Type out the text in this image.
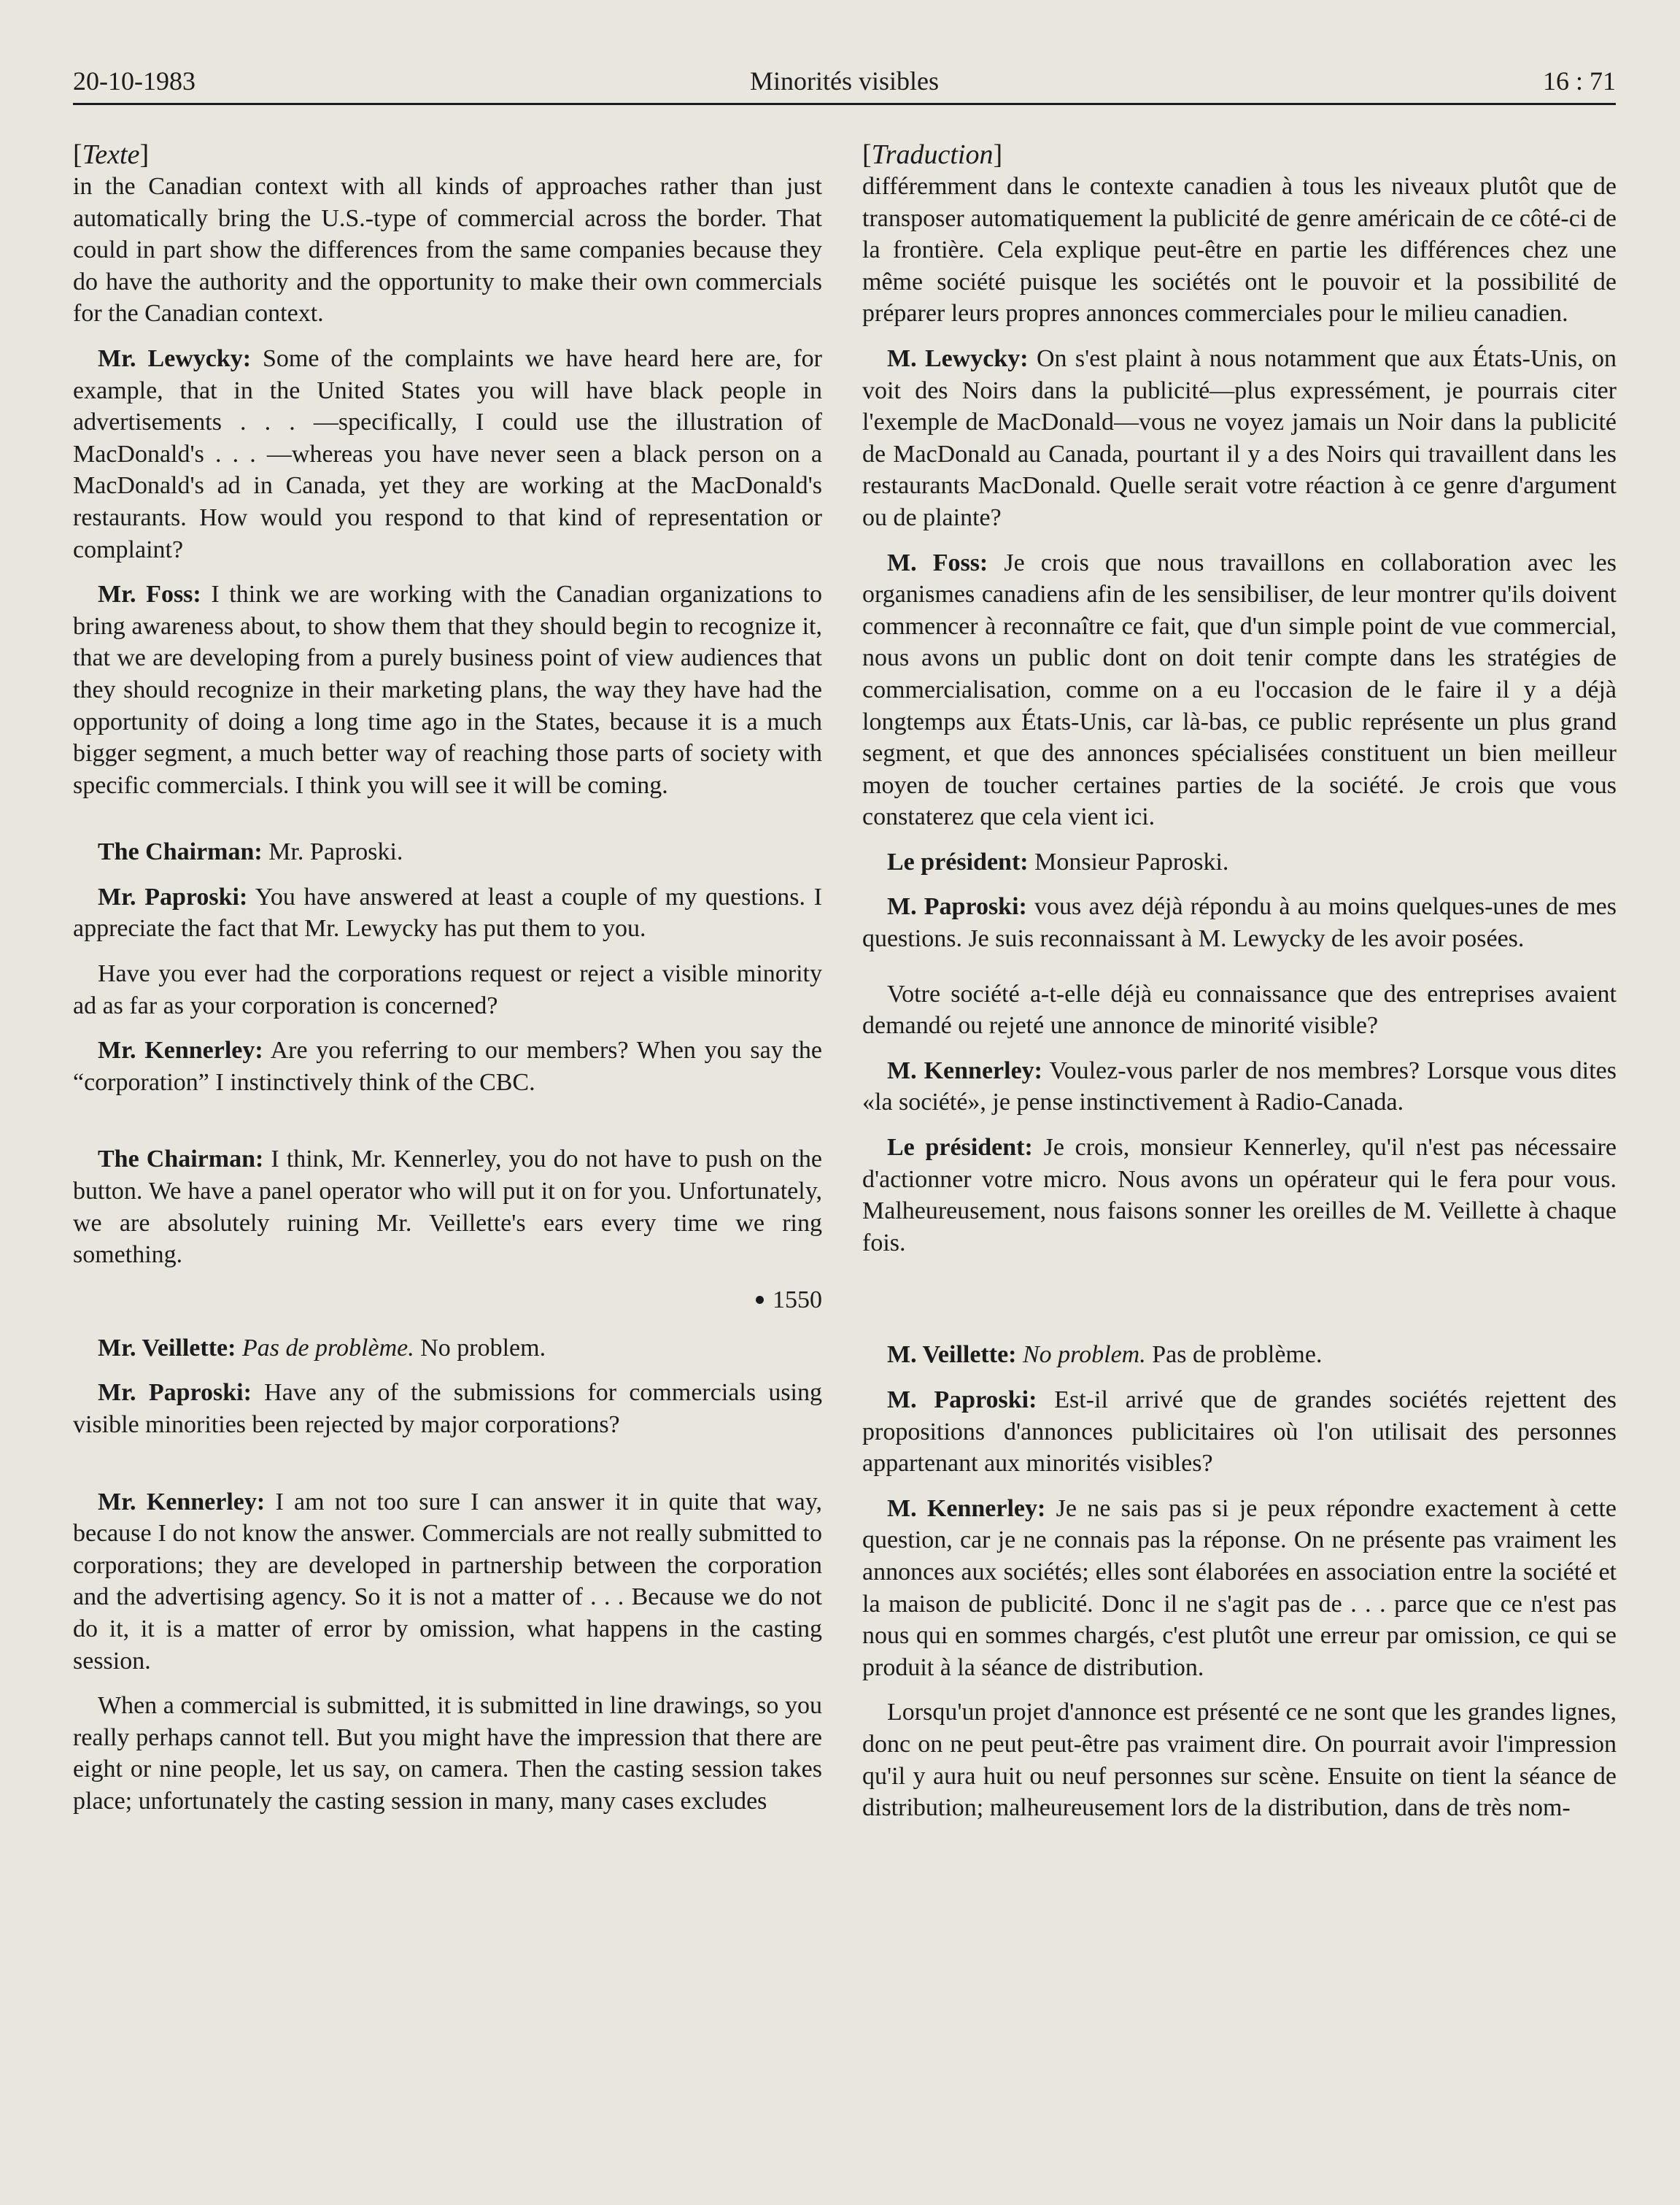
20-10-1983	Minorités visibles	16 : 71

[Texte]

in the Canadian context with all kinds of approaches rather than just automatically bring the U.S.-type of commercial across the border. That could in part show the differences from the same companies because they do have the authority and the opportunity to make their own commercials for the Canadian context.

Mr. Lewycky: Some of the complaints we have heard here are, for example, that in the United States you will have black people in advertisements . . . —specifically, I could use the illustration of MacDonald's . . . —whereas you have never seen a black person on a MacDonald's ad in Canada, yet they are working at the MacDonald's restaurants. How would you respond to that kind of representation or complaint?

Mr. Foss: I think we are working with the Canadian organizations to bring awareness about, to show them that they should begin to recognize it, that we are developing from a purely business point of view audiences that they should recognize in their marketing plans, the way they have had the opportunity of doing a long time ago in the States, because it is a much bigger segment, a much better way of reaching those parts of society with specific commercials. I think you will see it will be coming.

The Chairman: Mr. Paproski.

Mr. Paproski: You have answered at least a couple of my questions. I appreciate the fact that Mr. Lewycky has put them to you.

Have you ever had the corporations request or reject a visible minority ad as far as your corporation is concerned?

Mr. Kennerley: Are you referring to our members? When you say the “corporation” I instinctively think of the CBC.

The Chairman: I think, Mr. Kennerley, you do not have to push on the button. We have a panel operator who will put it on for you. Unfortunately, we are absolutely ruining Mr. Veillette's ears every time we ring something.

1550

Mr. Veillette: Pas de problème. No problem.

Mr. Paproski: Have any of the submissions for commercials using visible minorities been rejected by major corporations?

Mr. Kennerley: I am not too sure I can answer it in quite that way, because I do not know the answer. Commercials are not really submitted to corporations; they are developed in partnership between the corporation and the advertising agency. So it is not a matter of . . . Because we do not do it, it is a matter of error by omission, what happens in the casting session.

When a commercial is submitted, it is submitted in line drawings, so you really perhaps cannot tell. But you might have the impression that there are eight or nine people, let us say, on camera. Then the casting session takes place; unfortunately the casting session in many, many cases excludes

[Traduction]

différemment dans le contexte canadien à tous les niveaux plutôt que de transposer automatiquement la publicité de genre américain de ce côté-ci de la frontière. Cela explique peut-être en partie les différences chez une même société puisque les sociétés ont le pouvoir et la possibilité de préparer leurs propres annonces commerciales pour le milieu canadien.

M. Lewycky: On s'est plaint à nous notamment que aux États-Unis, on voit des Noirs dans la publicité—plus expressément, je pourrais citer l'exemple de MacDonald—vous ne voyez jamais un Noir dans la publicité de MacDonald au Canada, pourtant il y a des Noirs qui travaillent dans les restaurants MacDonald. Quelle serait votre réaction à ce genre d'argument ou de plainte?

M. Foss: Je crois que nous travaillons en collaboration avec les organismes canadiens afin de les sensibiliser, de leur montrer qu'ils doivent commencer à reconnaître ce fait, que d'un simple point de vue commercial, nous avons un public dont on doit tenir compte dans les stratégies de commercialisation, comme on a eu l'occasion de le faire il y a déjà longtemps aux États-Unis, car là-bas, ce public représente un plus grand segment, et que des annonces spécialisées constituent un bien meilleur moyen de toucher certaines parties de la société. Je crois que vous constaterez que cela vient ici.

Le président: Monsieur Paproski.

M. Paproski: vous avez déjà répondu à au moins quelques-unes de mes questions. Je suis reconnaissant à M. Lewycky de les avoir posées.

Votre société a-t-elle déjà eu connaissance que des entreprises avaient demandé ou rejeté une annonce de minorité visible?

M. Kennerley: Voulez-vous parler de nos membres? Lorsque vous dites «la société», je pense instinctivement à Radio-Canada.

Le président: Je crois, monsieur Kennerley, qu'il n'est pas nécessaire d'actionner votre micro. Nous avons un opérateur qui le fera pour vous. Malheureusement, nous faisons sonner les oreilles de M. Veillette à chaque fois.

M. Veillette: No problem. Pas de problème.

M. Paproski: Est-il arrivé que de grandes sociétés rejettent des propositions d'annonces publicitaires où l'on utilisait des personnes appartenant aux minorités visibles?

M. Kennerley: Je ne sais pas si je peux répondre exactement à cette question, car je ne connais pas la réponse. On ne présente pas vraiment les annonces aux sociétés; elles sont élaborées en association entre la société et la maison de publicité. Donc il ne s'agit pas de . . . parce que ce n'est pas nous qui en sommes chargés, c'est plutôt une erreur par omission, ce qui se produit à la séance de distribution.

Lorsqu'un projet d'annonce est présenté ce ne sont que les grandes lignes, donc on ne peut peut-être pas vraiment dire. On pourrait avoir l'impression qu'il y aura huit ou neuf personnes sur scène. Ensuite on tient la séance de distribution; malheureusement lors de la distribution, dans de très nom-
